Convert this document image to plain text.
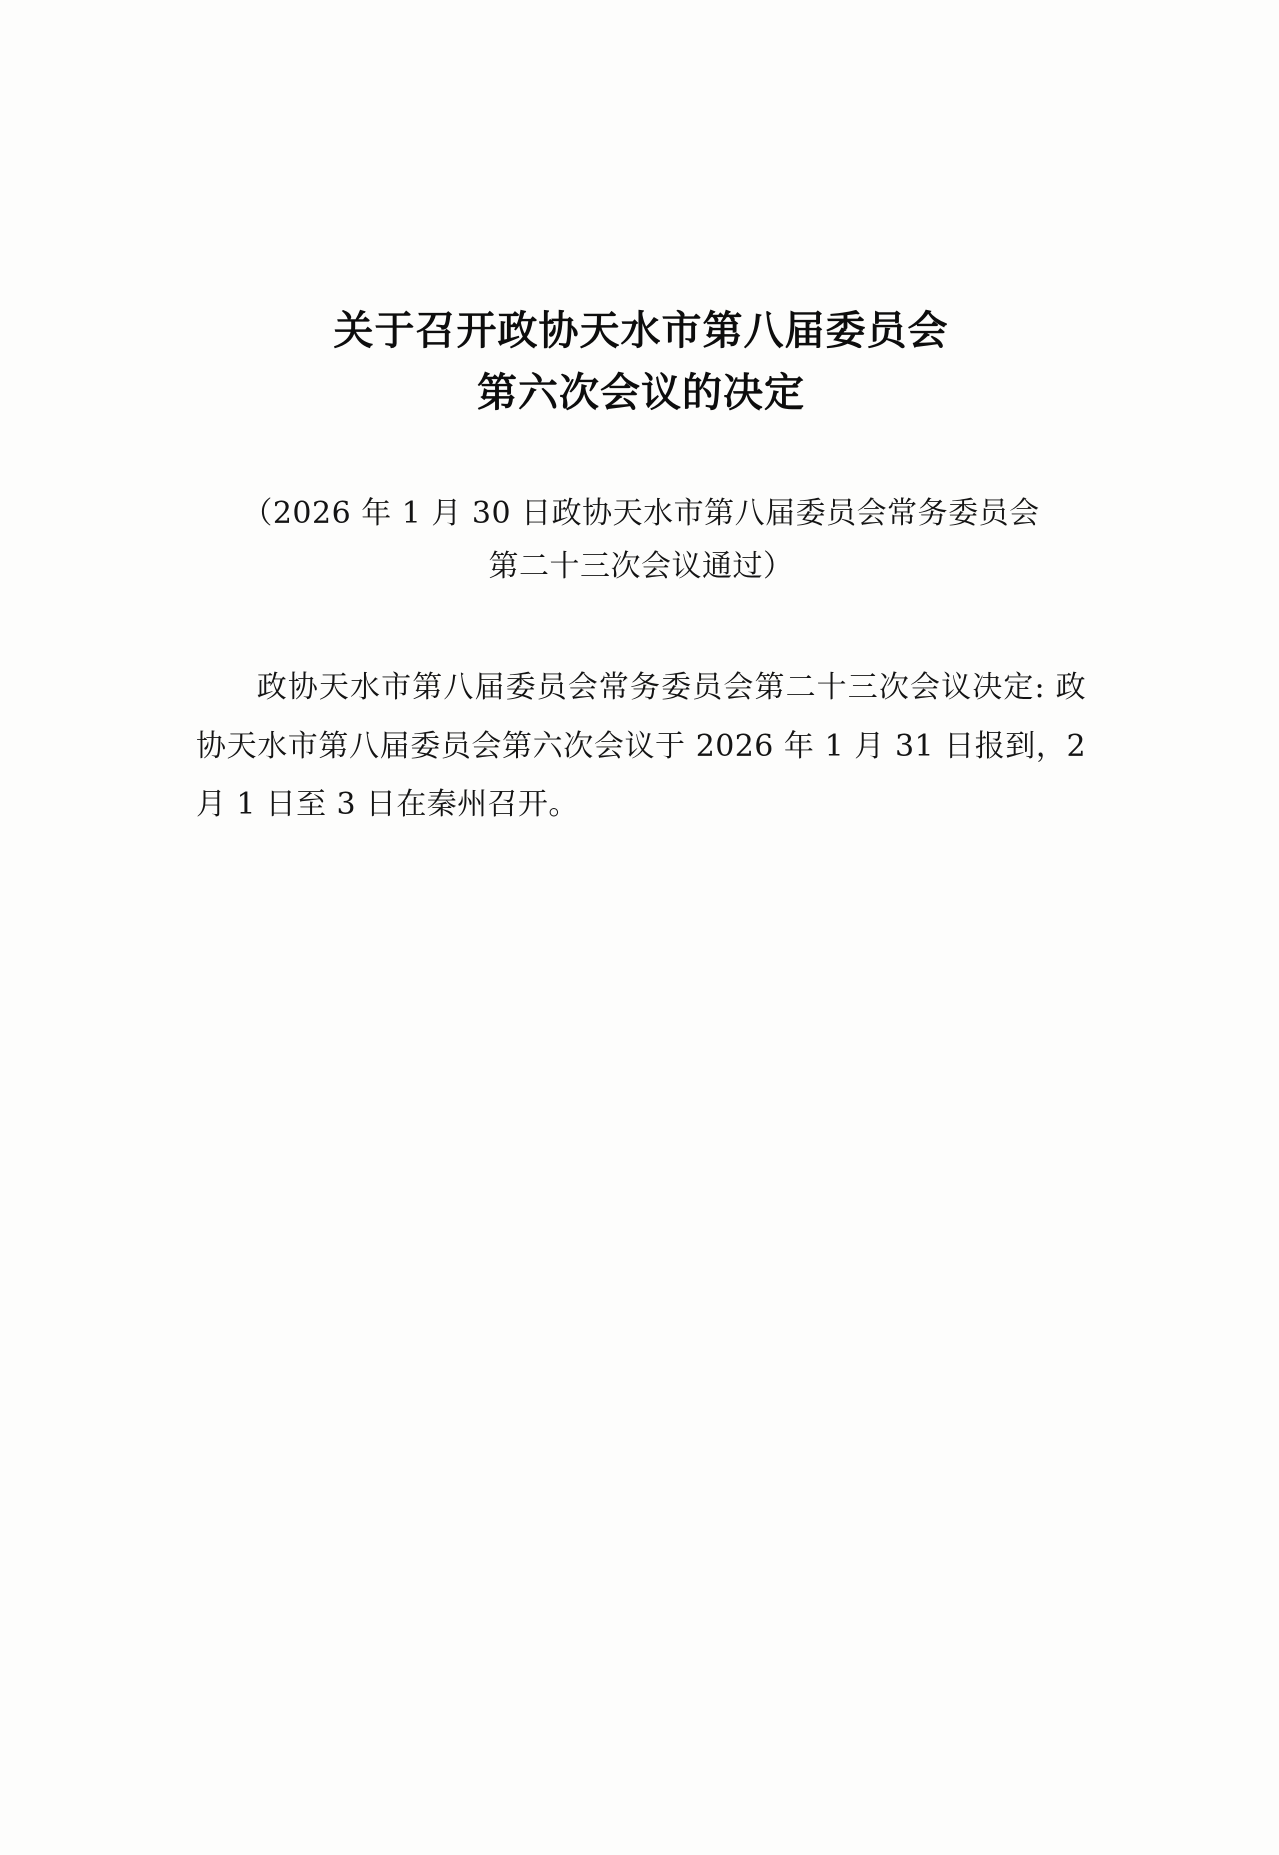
关于召开政协天水市第八届委员会
第六次会议的决定
（2026 年 1 月 30 日政协天水市第八届委员会常务委员会
第二十三次会议通过）

政协天水市第八届委员会常务委员会第二十三次会议决定: 政协天水市第八届委员会第六次会议于 2026 年 1 月 31 日报到，2 月 1 日至 3 日在秦州召开。
